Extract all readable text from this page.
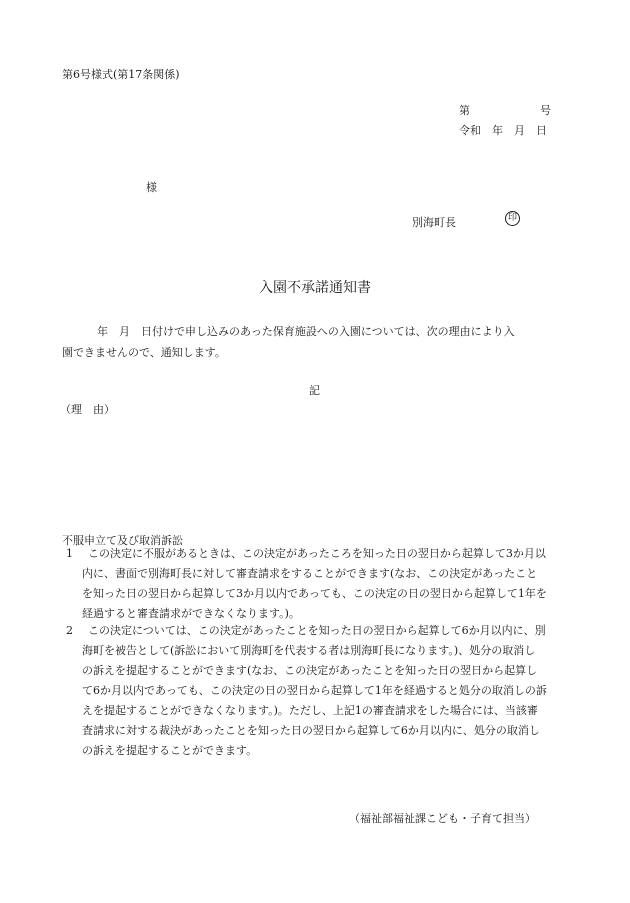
第6号様式(第17条関係)
第	号
令和　年　月　日
様
別海町長	印
入園不承諾通知書
年　月　日付けで申し込みのあった保育施設への入園については、次の理由により入
園できませんので、通知します。
記
（理　由）
不服申立て及び取消訴訟
1	この決定に不服があるときは、この決定があったころを知った日の翌日から起算して3か月以
内に、書面で別海町長に対して審査請求をすることができます(なお、この決定があったこと
を知った日の翌日から起算して3か月以内であっても、この決定の日の翌日から起算して1年を
経過すると審査請求ができなくなります。)。
2	この決定については、この決定があったことを知った日の翌日から起算して6か月以内に、別
海町を被告として(訴訟において別海町を代表する者は別海町長になります。)、処分の取消し
の訴えを提起することができます(なお、この決定があったことを知った日の翌日から起算し
て6か月以内であっても、この決定の日の翌日から起算して1年を経過すると処分の取消しの訴
えを提起することができなくなります。)。ただし、上記1の審査請求をした場合には、当該審
査請求に対する裁決があったことを知った日の翌日から起算して6か月以内に、処分の取消し
の訴えを提起することができます。
（福祉部福祉課こども・子育て担当）
